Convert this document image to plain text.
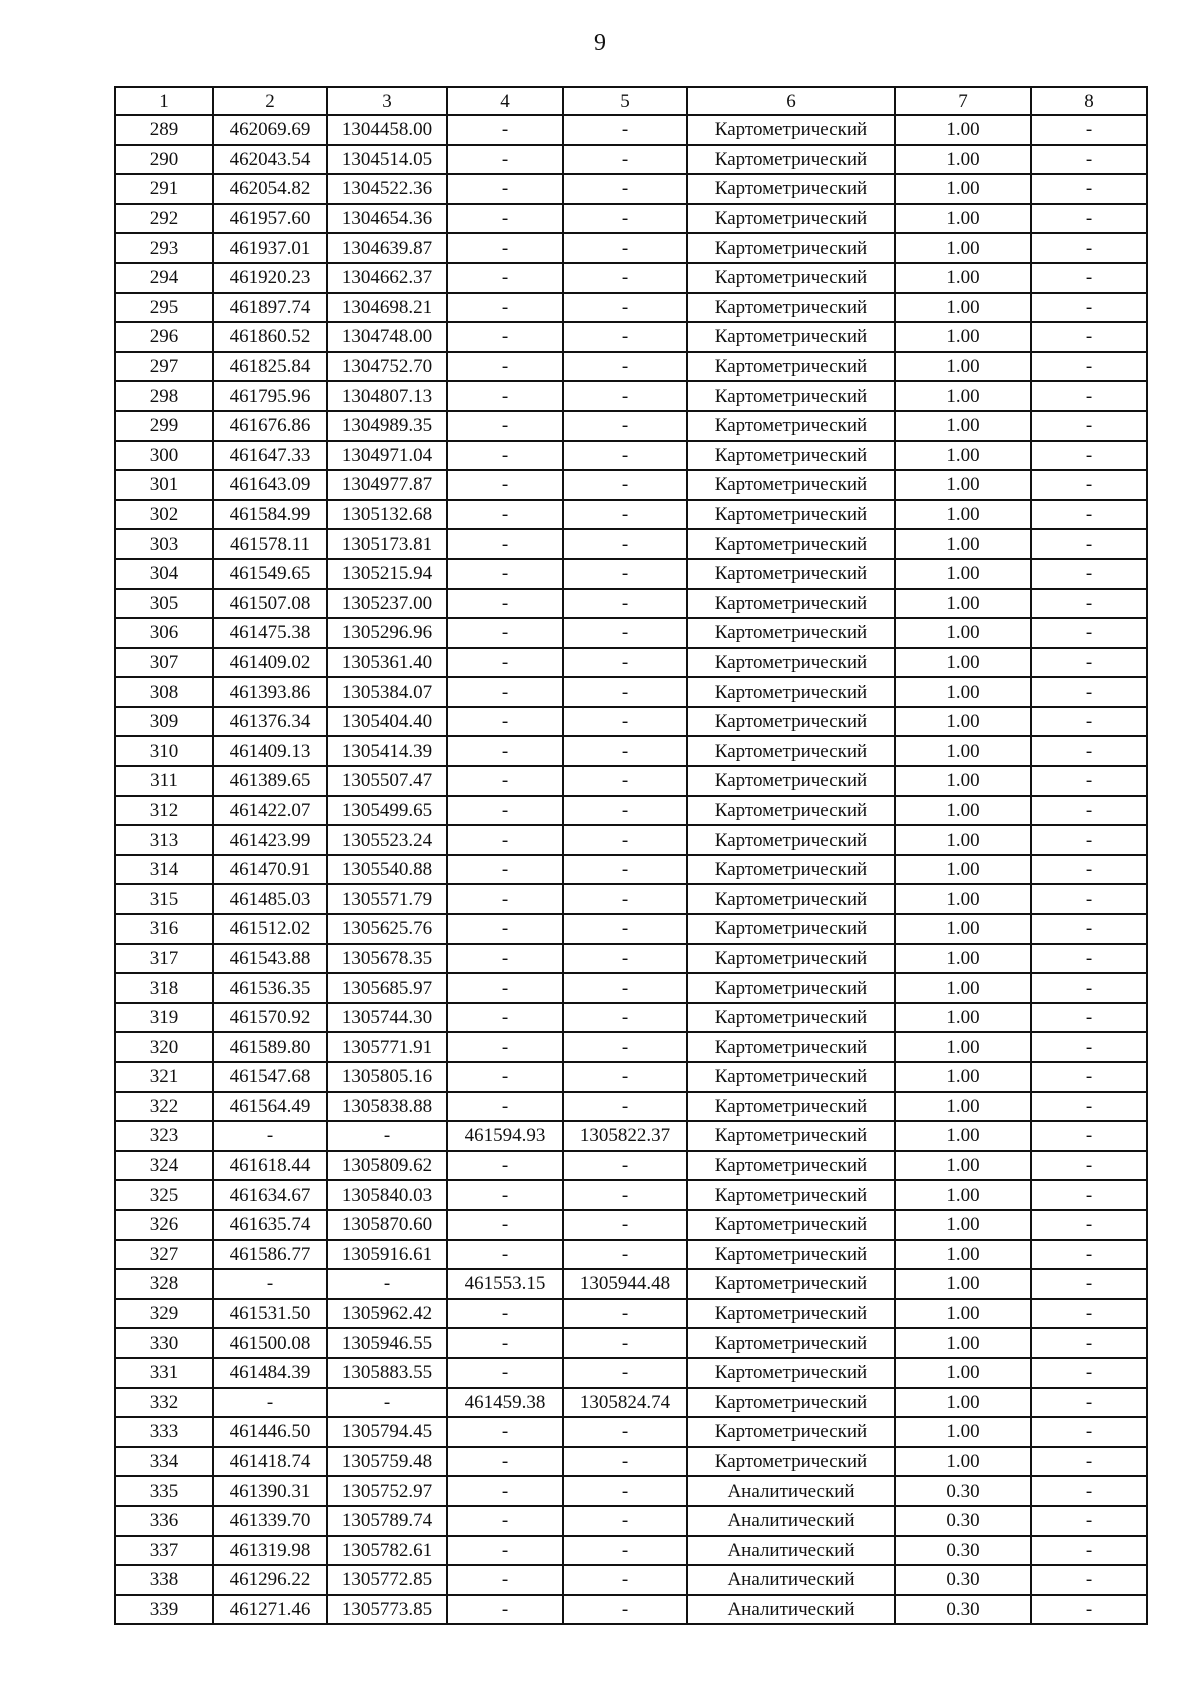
9
1	2	3	4	5	6	7	8
289	462069.69	1304458.00	-	-	Картометрический	1.00	-
290	462043.54	1304514.05	-	-	Картометрический	1.00	-
291	462054.82	1304522.36	-	-	Картометрический	1.00	-
292	461957.60	1304654.36	-	-	Картометрический	1.00	-
293	461937.01	1304639.87	-	-	Картометрический	1.00	-
294	461920.23	1304662.37	-	-	Картометрический	1.00	-
295	461897.74	1304698.21	-	-	Картометрический	1.00	-
296	461860.52	1304748.00	-	-	Картометрический	1.00	-
297	461825.84	1304752.70	-	-	Картометрический	1.00	-
298	461795.96	1304807.13	-	-	Картометрический	1.00	-
299	461676.86	1304989.35	-	-	Картометрический	1.00	-
300	461647.33	1304971.04	-	-	Картометрический	1.00	-
301	461643.09	1304977.87	-	-	Картометрический	1.00	-
302	461584.99	1305132.68	-	-	Картометрический	1.00	-
303	461578.11	1305173.81	-	-	Картометрический	1.00	-
304	461549.65	1305215.94	-	-	Картометрический	1.00	-
305	461507.08	1305237.00	-	-	Картометрический	1.00	-
306	461475.38	1305296.96	-	-	Картометрический	1.00	-
307	461409.02	1305361.40	-	-	Картометрический	1.00	-
308	461393.86	1305384.07	-	-	Картометрический	1.00	-
309	461376.34	1305404.40	-	-	Картометрический	1.00	-
310	461409.13	1305414.39	-	-	Картометрический	1.00	-
311	461389.65	1305507.47	-	-	Картометрический	1.00	-
312	461422.07	1305499.65	-	-	Картометрический	1.00	-
313	461423.99	1305523.24	-	-	Картометрический	1.00	-
314	461470.91	1305540.88	-	-	Картометрический	1.00	-
315	461485.03	1305571.79	-	-	Картометрический	1.00	-
316	461512.02	1305625.76	-	-	Картометрический	1.00	-
317	461543.88	1305678.35	-	-	Картометрический	1.00	-
318	461536.35	1305685.97	-	-	Картометрический	1.00	-
319	461570.92	1305744.30	-	-	Картометрический	1.00	-
320	461589.80	1305771.91	-	-	Картометрический	1.00	-
321	461547.68	1305805.16	-	-	Картометрический	1.00	-
322	461564.49	1305838.88	-	-	Картометрический	1.00	-
323	-	-	461594.93	1305822.37	Картометрический	1.00	-
324	461618.44	1305809.62	-	-	Картометрический	1.00	-
325	461634.67	1305840.03	-	-	Картометрический	1.00	-
326	461635.74	1305870.60	-	-	Картометрический	1.00	-
327	461586.77	1305916.61	-	-	Картометрический	1.00	-
328	-	-	461553.15	1305944.48	Картометрический	1.00	-
329	461531.50	1305962.42	-	-	Картометрический	1.00	-
330	461500.08	1305946.55	-	-	Картометрический	1.00	-
331	461484.39	1305883.55	-	-	Картометрический	1.00	-
332	-	-	461459.38	1305824.74	Картометрический	1.00	-
333	461446.50	1305794.45	-	-	Картометрический	1.00	-
334	461418.74	1305759.48	-	-	Картометрический	1.00	-
335	461390.31	1305752.97	-	-	Аналитический	0.30	-
336	461339.70	1305789.74	-	-	Аналитический	0.30	-
337	461319.98	1305782.61	-	-	Аналитический	0.30	-
338	461296.22	1305772.85	-	-	Аналитический	0.30	-
339	461271.46	1305773.85	-	-	Аналитический	0.30	-
